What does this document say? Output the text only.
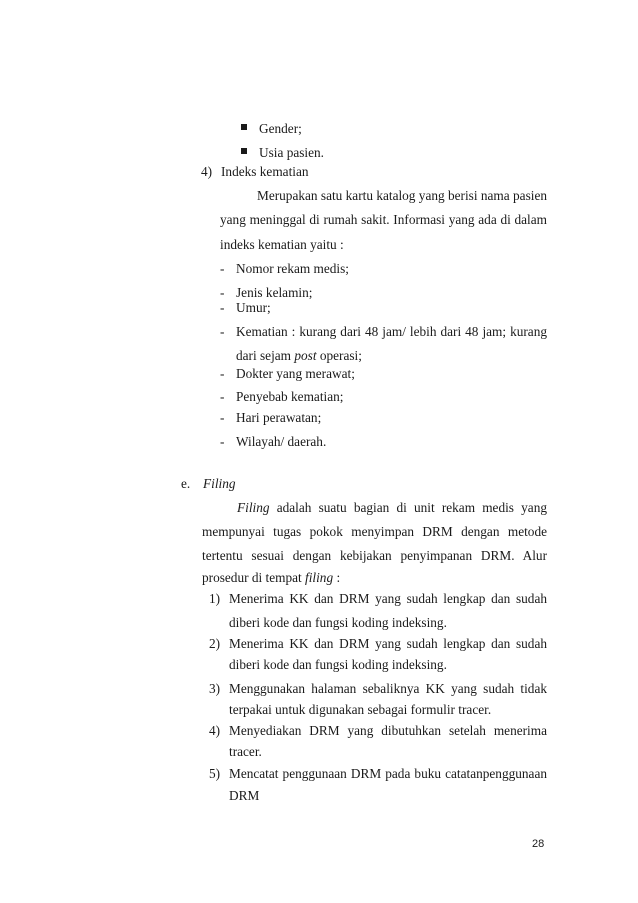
Gender;
Usia pasien.
4) Indeks kematian
Merupakan satu kartu katalog yang berisi nama pasien
yang meninggal di rumah sakit. Informasi yang ada di dalam
indeks kematian yaitu :
- Nomor rekam medis;
- Jenis kelamin;
- Umur;
- Kematian : kurang dari 48 jam/ lebih dari 48 jam; kurang
dari sejam post operasi;
- Dokter yang merawat;
- Penyebab kematian;
- Hari perawatan;
- Wilayah/ daerah.
e. Filing
Filing adalah suatu bagian di unit rekam medis yang
mempunyai tugas pokok menyimpan DRM dengan metode
tertentu sesuai dengan kebijakan penyimpanan DRM. Alur
prosedur di tempat filing :
1) Menerima KK dan DRM yang sudah lengkap dan sudah
diberi kode dan fungsi koding indeksing.
2) Menerima KK dan DRM yang sudah lengkap dan sudah
diberi kode dan fungsi koding indeksing.
3) Menggunakan halaman sebaliknya KK yang sudah tidak
terpakai untuk digunakan sebagai formulir tracer.
4) Menyediakan DRM yang dibutuhkan setelah menerima
tracer.
5) Mencatat penggunaan DRM pada buku catatanpenggunaan
DRM
28
